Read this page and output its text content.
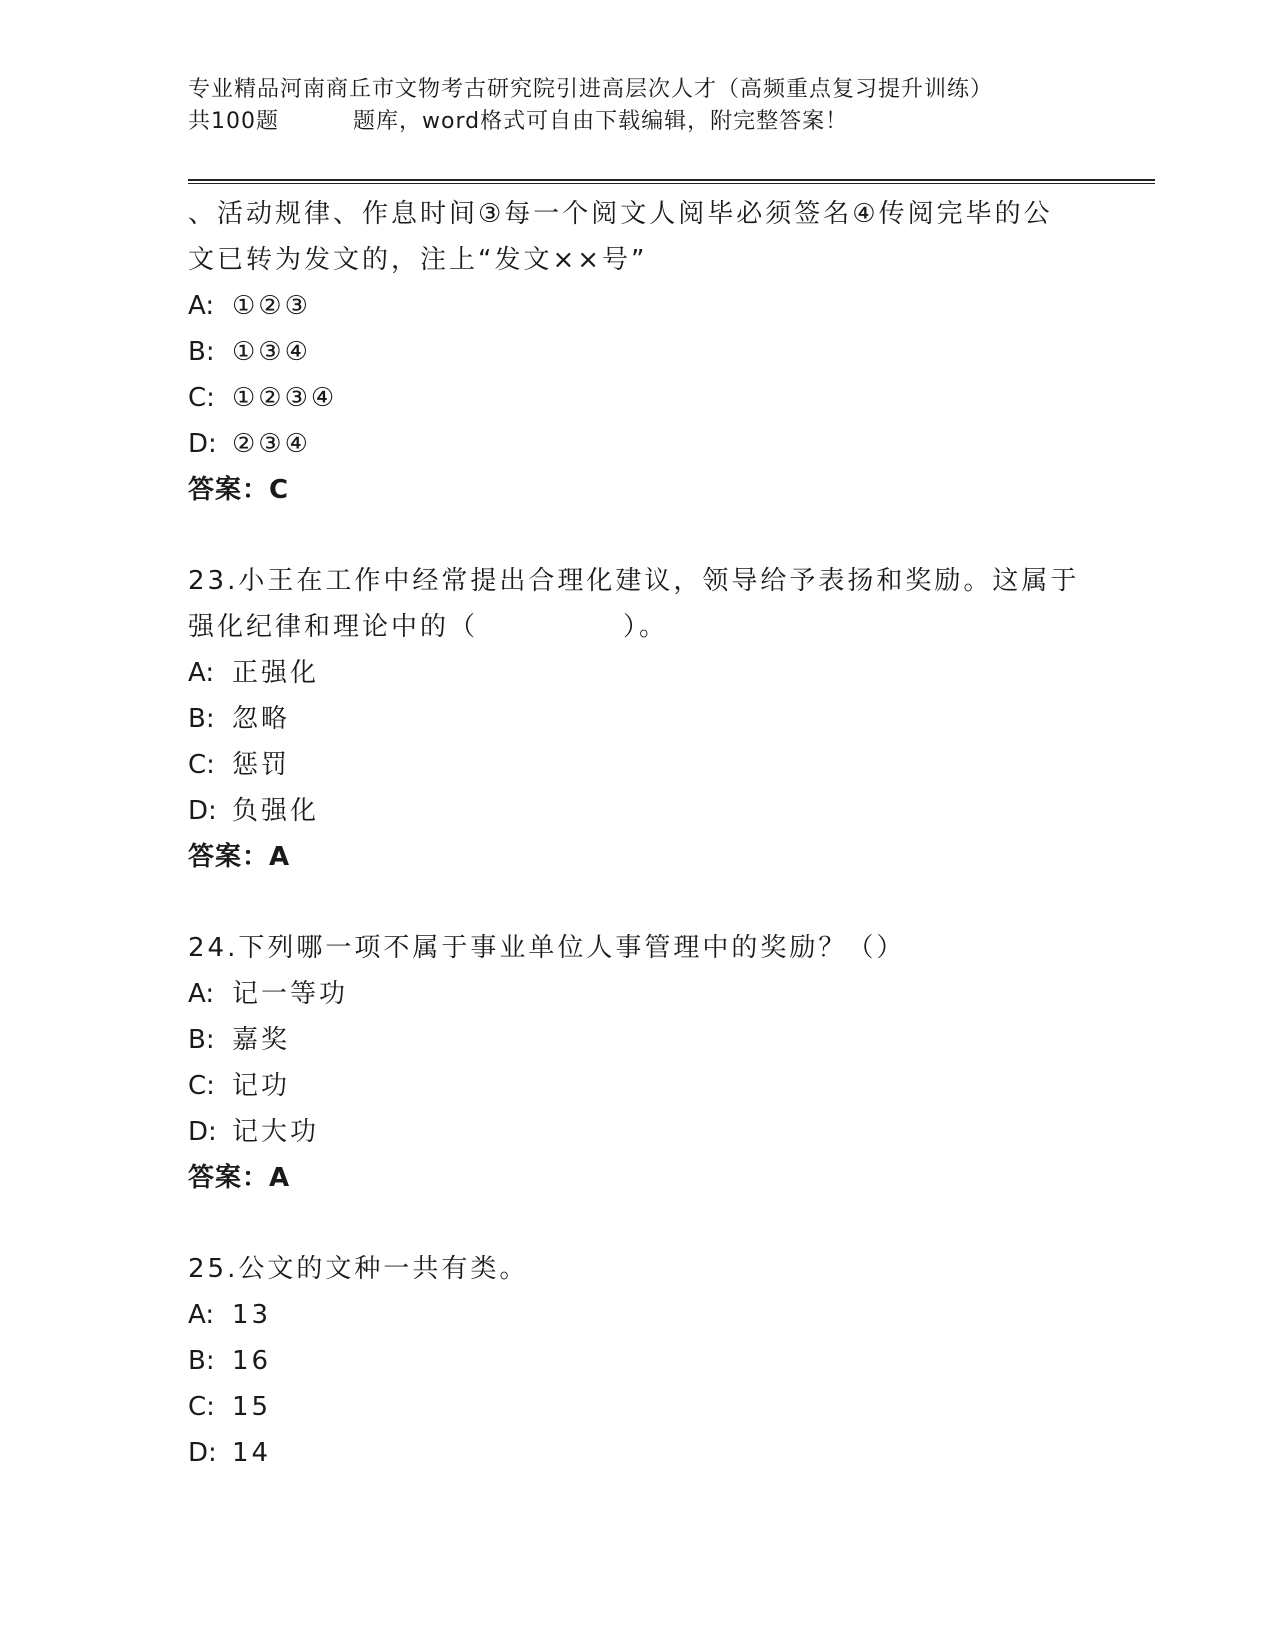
专业精品河南商丘市文物考古研究院引进高层次人才（高频重点复习提升训练）
共100题	题库，word格式可自由下载编辑，附完整答案！
、活动规律、作息时间③每一个阅文人阅毕必须签名④传阅完毕的公
文已转为发文的，注上“发文××号”
A: ①②③
B: ①③④
C: ①②③④
D: ②③④
答案：C
23.小王在工作中经常提出合理化建议，领导给予表扬和奖励。这属于
强化纪律和理论中的（　　　　　）。
A: 正强化
B: 忽略
C: 惩罚
D: 负强化
答案：A
24.下列哪一项不属于事业单位人事管理中的奖励？（）
A: 记一等功
B: 嘉奖
C: 记功
D: 记大功
答案：A
25.公文的文种一共有类。
A: 13
B: 16
C: 15
D: 14
